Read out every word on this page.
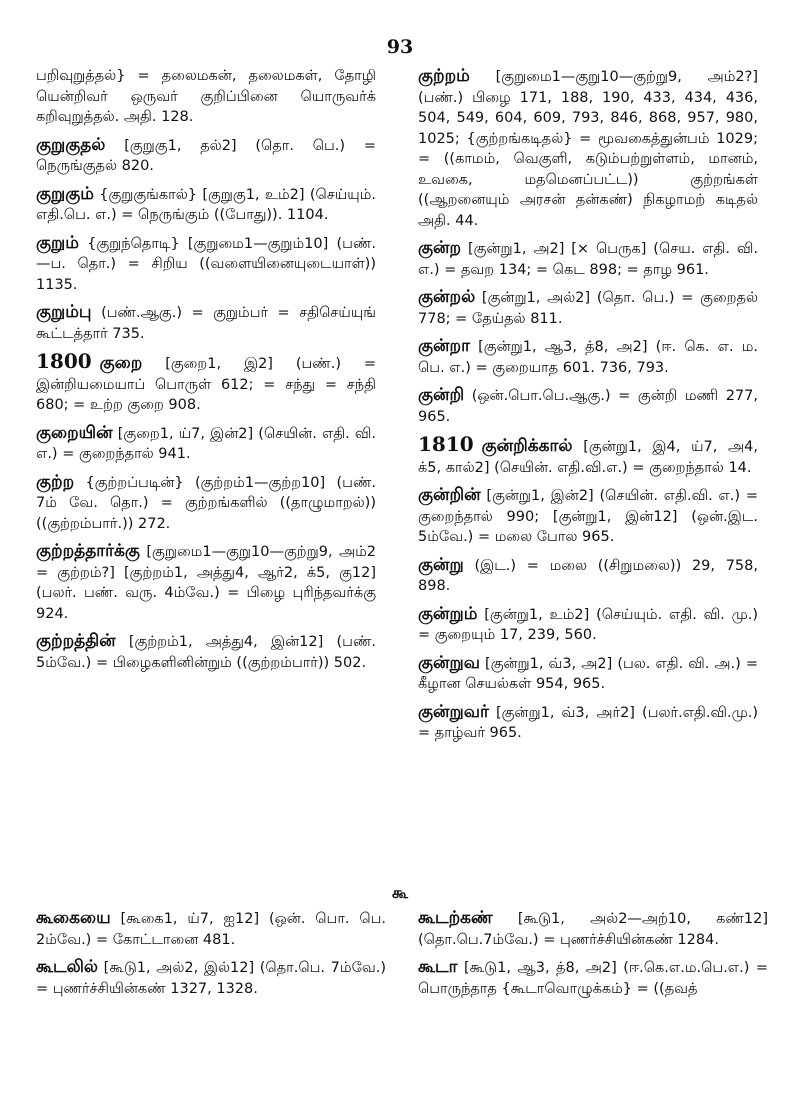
93

பறிவுறுத்தல்} = தலைமகன், தலைமகள், தோழி யென்றிவர் ஒருவர் குறிப்பினை யொருவர்க் கறிவுறுத்தல். அதி. 128.

குறுகுதல் [குறுகு1, தல்2] (தொ. பெ.) = நெருங்குதல் 820.

குறுகும் {குறுகுங்கால்} [குறுகு1, உம்2] (செய்யும். எதி.பெ. எ.) = நெருங்கும் ((போது)). 1104.

குறும் {குறுந்தொடி} [குறுமை1—குறும்10] (பண்.—ப. தொ.) = சிறிய ((வளையினையுடையாள்)) 1135.

குறும்பு (பண்.ஆகு.) = குறும்பர் = சதிசெய்யுங் கூட்டத்தார் 735.

1800 குறை [குறை1, இ2] (பண்.) = இன்றியமையாப் பொருள் 612; = சந்து = சந்தி 680; = உற்ற குறை 908.

குறையின் [குறை1, ய்7, இன்2] (செயின். எதி. வி. எ.) = குறைந்தால் 941.

குற்ற {குற்றப்படின்} (குற்றம்1—குற்ற10] (பண். 7ம் வே. தொ.) = குற்றங்களில் ((தாழுமாறல்)) ((குற்றம்பார்.)) 272.

குற்றத்தார்க்கு [குறுமை1—குறு10—குற்று9, அம்2 = குற்றம்?] [குற்றம்1, அத்து4, ஆர்2, க்5, கு12] (பலர். பண். வரு. 4ம்வே.) = பிழை புரிந்தவர்க்கு 924.

குற்றத்தின் [குற்றம்1, அத்து4, இன்12] (பண். 5ம்வே.) = பிழைகளினின்றும் ((குற்றம்பார்)) 502.

குற்றம் [குறுமை1—குறு10—குற்று9, அம்2?] (பண்.) பிழை 171, 188, 190, 433, 434, 436, 504, 549, 604, 609, 793, 846, 868, 957, 980, 1025; {குற்றங்கடிதல்} = மூவகைத்துன்பம் 1029; = ((காமம், வெகுளி, கடும்பற்றுள்ளம், மானம், உவகை, மதமெனப்பட்ட)) குற்றங்கள் ((ஆறனையும் அரசன் தன்கண்) நிகழாமற் கடிதல் அதி. 44.

குன்ற [குன்று1, அ2] [× பெருக] (செய. எதி. வி. எ.) = தவற 134; = கெட 898; = தாழ 961.

குன்றல் [குன்று1, அல்2] (தொ. பெ.) = குறைதல் 778; = தேய்தல் 811.

குன்றா [குன்று1, ஆ3, த்8, அ2] (ஈ. கெ. எ. ம. பெ. எ.) = குறையாத 601. 736, 793.

குன்றி (ஒன்.பொ.பெ.ஆகு.) = குன்றி மணி 277, 965.

1810 குன்றிக்கால் [குன்று1, இ4, ய்7, அ4, க்5, கால்2] (செயின். எதி.வி.எ.) = குறைந்தால் 14.

குன்றின் [குன்று1, இன்2] (செயின். எதி.வி. எ.) = குறைந்தால் 990; [குன்று1, இன்12] (ஒன்.இட. 5ம்வே.) = மலை போல 965.

குன்று (இட.) = மலை ((சிறுமலை)) 29, 758, 898.

குன்றும் [குன்று1, உம்2] (செய்யும். எதி. வி. மு.) = குறையும் 17, 239, 560.

குன்றுவ [குன்று1, வ்3, அ2] (பல. எதி. வி. அ.) = கீழான செயல்கள் 954, 965.

குன்றுவர் [குன்று1, வ்3, அர்2] (பலர்.எதி.வி.மு.) = தாழ்வர் 965.

கூ

கூகையை [கூகை1, ய்7, ஐ12] (ஒன். பொ. பெ. 2ம்வே.) = கோட்டானை 481.

கூடலில் [கூடு1, அல்2, இல்12] (தொ.பெ. 7ம்வே.) = புணர்ச்சியின்கண் 1327, 1328.

கூடற்கண் [கூடு1, அல்2—அற்10, கண்12] (தொ.பெ.7ம்வே.) = புணர்ச்சியின்கண் 1284.

கூடா [கூடு1, ஆ3, த்8, அ2] (ஈ.கெ.எ.ம.பெ.எ.) = பொருந்தாத {கூடாவொழுக்கம்} = ((தவத்
